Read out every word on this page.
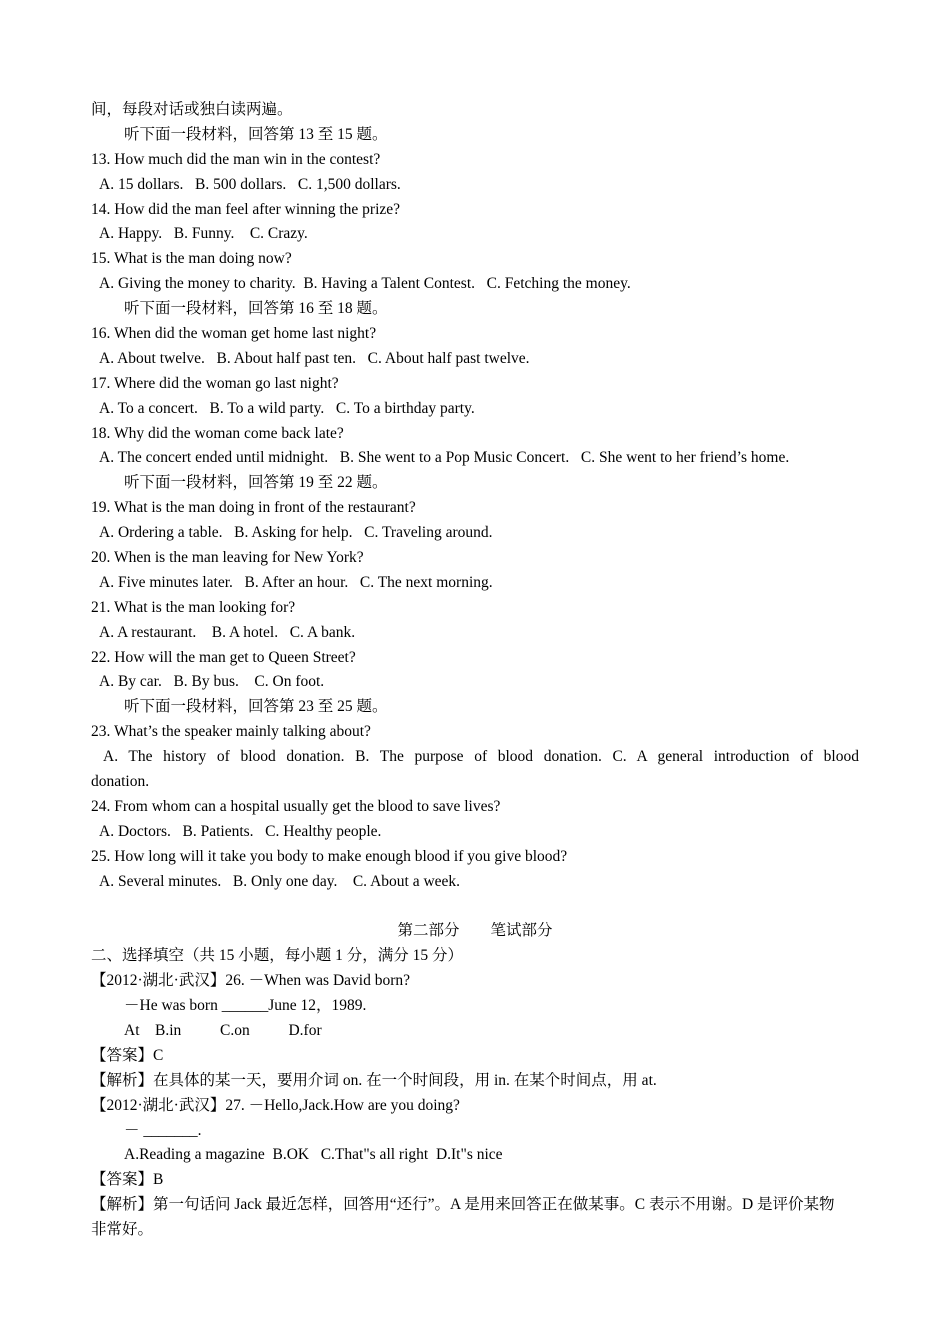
间，每段对话或独白读两遍。
听下面一段材料，回答第 13 至 15 题。
13. How much did the man win in the contest?
A. 15 dollars.   B. 500 dollars.   C. 1,500 dollars.
14. How did the man feel after winning the prize?
A. Happy.   B. Funny.    C. Crazy.
15. What is the man doing now?
A. Giving the money to charity.  B. Having a Talent Contest.   C. Fetching the money.
听下面一段材料，回答第 16 至 18 题。
16. When did the woman get home last night?
A. About twelve.   B. About half past ten.   C. About half past twelve.
17. Where did the woman go last night?
A. To a concert.   B. To a wild party.   C. To a birthday party.
18. Why did the woman come back late?
A. The concert ended until midnight.   B. She went to a Pop Music Concert.   C. She went to her friend’s home.
听下面一段材料，回答第 19 至 22 题。
19. What is the man doing in front of the restaurant?
A. Ordering a table.   B. Asking for help.   C. Traveling around.
20. When is the man leaving for New York?
A. Five minutes later.   B. After an hour.   C. The next morning.
21. What is the man looking for?
A. A restaurant.    B. A hotel.   C. A bank.
22. How will the man get to Queen Street?
A. By car.   B. By bus.    C. On foot.
听下面一段材料，回答第 23 至 25 题。
23. What’s the speaker mainly talking about?
A. The history of blood donation. B. The purpose of blood donation. C. A general introduction of blood
donation.
24. From whom can a hospital usually get the blood to save lives?
A. Doctors.   B. Patients.   C. Healthy people.
25. How long will it take you body to make enough blood if you give blood?
A. Several minutes.   B. Only one day.    C. About a week.
第二部分        笔试部分
二、选择填空（共 15 小题，每小题 1 分，满分 15 分）
【2012·湖北·武汉】26. －When was David born?
－He was born ______June 12，1989.
At    B.in          C.on          D.for
【答案】C
【解析】在具体的某一天，要用介词 on. 在一个时间段，用 in. 在某个时间点，用 at.
【2012·湖北·武汉】27. －Hello,Jack.How are you doing?
－ _______.
A.Reading a magazine  B.OK   C.That"s all right  D.It"s nice
【答案】B
【解析】第一句话问 Jack 最近怎样，回答用“还行”。A 是用来回答正在做某事。C 表示不用谢。D 是评价某物
非常好。
